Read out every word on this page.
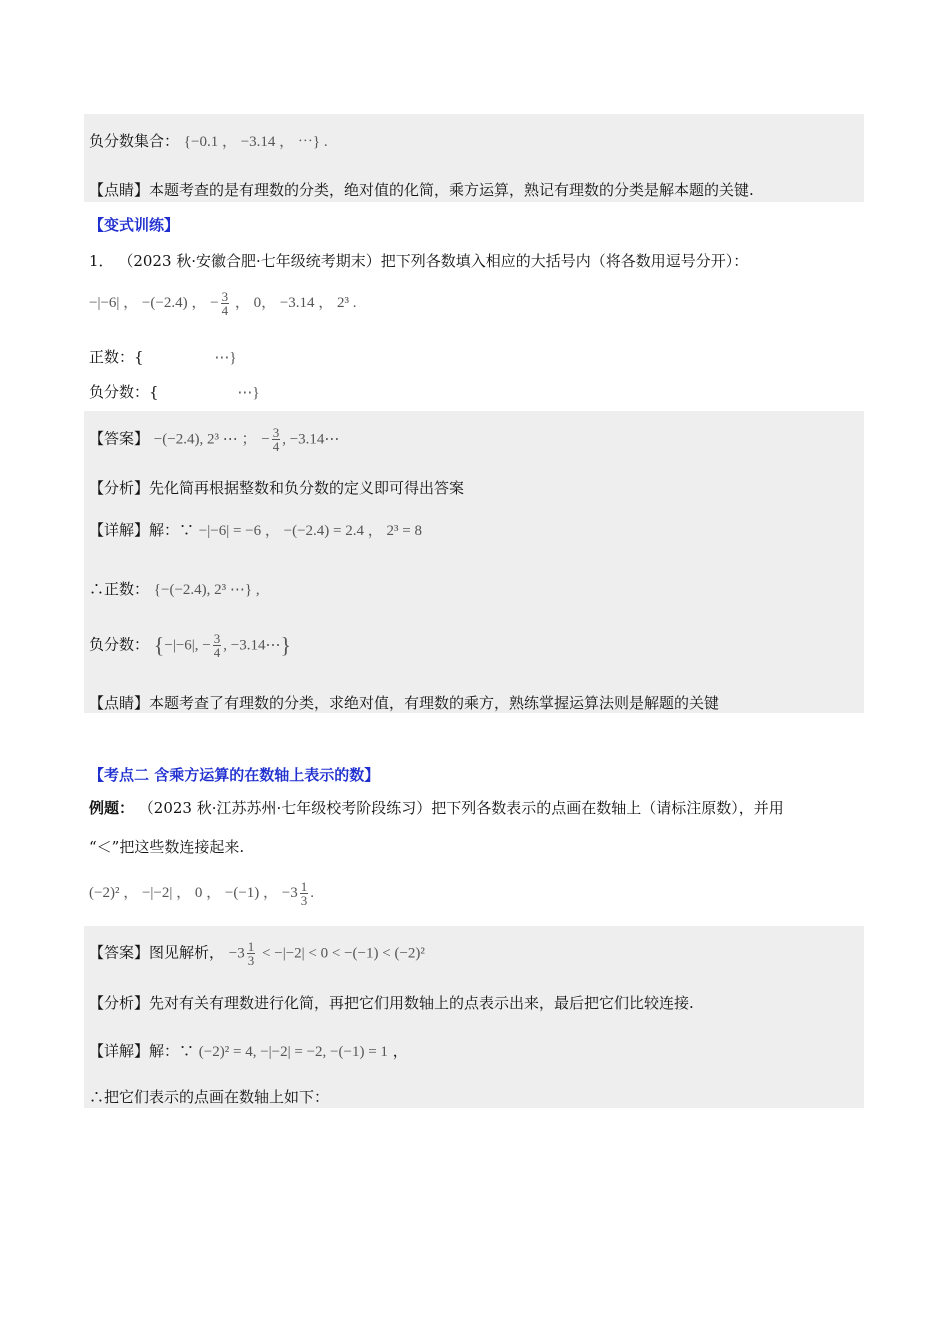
负分数集合： {−0.1 ， −3.14 ， ⋯} .
【点睛】本题考查的是有理数的分类，绝对值的化简，乘方运算，熟记有理数的分类是解本题的关键.
【变式训练】
1． （2023 秋·安徽合肥·七年级统考期末）把下列各数填入相应的大括号内（将各数用逗号分开）：
−|−6| ， −(−2.4) ， − $\frac{3}{4}$ ， 0， −3.14 ， 2³ .
正数：{	⋯}
负分数：{	⋯}
【答案】 −(−2.4), 2³ ⋯ ； − $\frac{3}{4}$ , −3.14⋯
【分析】先化简再根据整数和负分数的定义即可得出答案
【详解】解：∵ −|−6| = −6 ， −(−2.4) = 2.4 ， 2³ = 8
∴正数： {−(−2.4), 2³ ⋯} ,
负分数： {−|−6|, − $\frac{3}{4}$ , −3.14⋯}
【点睛】本题考查了有理数的分类，求绝对值，有理数的乘方，熟练掌握运算法则是解题的关键
【考点二 含乘方运算的在数轴上表示的数】
例题： （2023 秋·江苏苏州·七年级校考阶段练习）把下列各数表示的点画在数轴上（请标注原数），并用
“＜”把这些数连接起来.
(−2)² ， −|−2| ， 0 ， −(−1) ， $-3 \frac{1}{3}$ .
【答案】图见解析， $-3 \frac{1}{3} < -|-2| < 0 < -(-1) < (-2)^2$
【分析】先对有关有理数进行化简，再把它们用数轴上的点表示出来，最后把它们比较连接.
【详解】解：∵ (−2)² = 4, −|−2| = −2, −(−1) = 1 ，
∴把它们表示的点画在数轴上如下：
